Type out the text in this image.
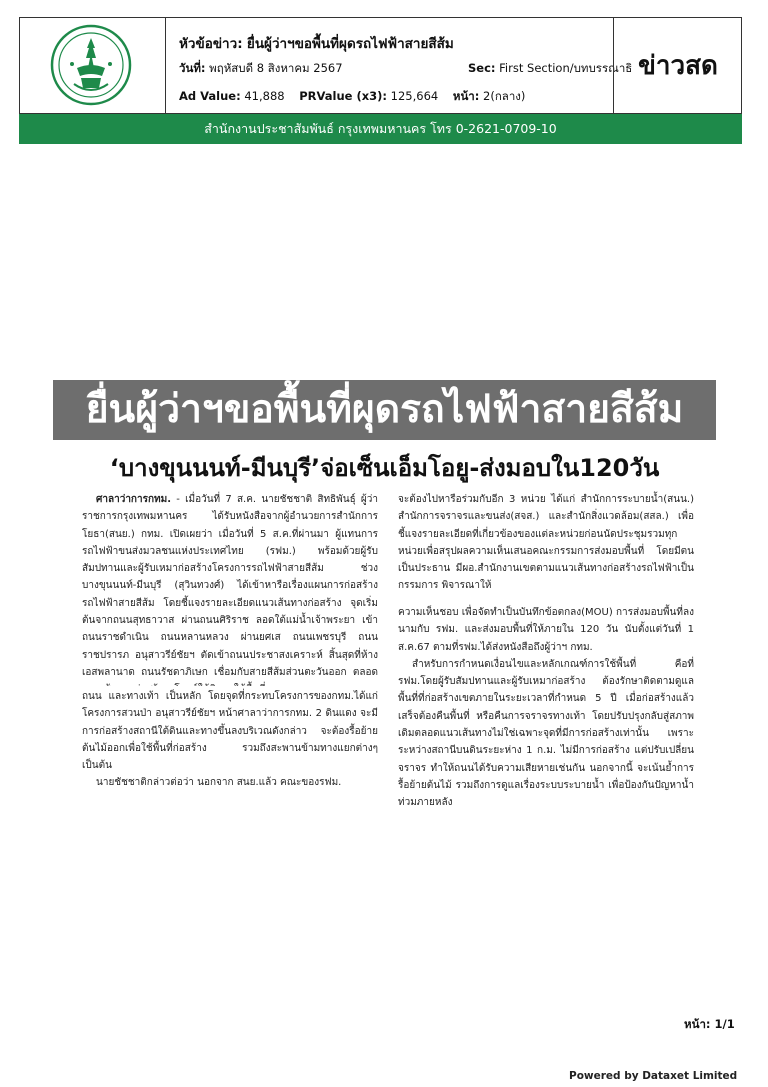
หัวข้อข่าว: ยื่นผู้ว่าฯขอพื้นที่ผุดรถไฟฟ้าสายสีส้ม
วันที่: พฤหัสบดี 8 สิงหาคม 2567	Sec: First Section/บทบรรณาธิ
Ad Value: 41,888 PRValue (x3): 125,664 หน้า: 2(กลาง)
ข่าวสด
สำนักงานประชาสัมพันธ์ กรุงเทพมหานคร โทร 0-2621-0709-10
ยื่นผู้ว่าฯขอพื้นที่ผุดรถไฟฟ้าสายสีส้ม
‘บางขุนนนท์-มีนบุรี’จ่อเซ็นเอ็มโอยู-ส่งมอบใน120วัน

ศาลาว่าการกทม. - เมื่อวันที่ 7 ส.ค. นายชัชชาติ สิทธิพันธุ์ ผู้ว่าราชการกรุงเทพมหานคร ได้รับหนังสือจากผู้อำนวยการสำนักการโยธา(สนย.) กทม. เปิดเผยว่า เมื่อวันที่ 5 ส.ค.ที่ผ่านมา ผู้แทนการรถไฟฟ้าขนส่งมวลชนแห่งประเทศไทย (รฟม.) พร้อมด้วยผู้รับสัมปทานและผู้รับเหมาก่อสร้างโครงการรถไฟฟ้าสายสีส้ม ช่วงบางขุนนนท์-มีนบุรี (สุวินทวงศ์) ได้เข้าหารือเรื่องแผนการก่อสร้างรถไฟฟ้าสายสีส้ม โดยชี้แจงรายละเอียดแนวเส้นทางก่อสร้าง จุดเริ่มต้นจากถนนสุทธาวาส ผ่านถนนศิริราช ลอดใต้แม่น้ำเจ้าพระยา เข้าถนนราชดำเนิน ถนนหลานหลวง ผ่านยศเส ถนนเพชรบุรี ถนนราชปรารภ อนุสาวรีย์ชัยฯ ตัดเข้าถนนประชาสงเคราะห์ สิ้นสุดที่ห้างเอสพลานาด ถนนรัชดาภิเษก เชื่อมกับสายสีส้มส่วนตะวันออก ตลอด

ถนน และทางเท้า เป็นหลัก โดยจุดที่กระทบโครงการของกทม.ได้แก่ โครงการสวนป่า อนุสาวรีย์ชัยฯ หน้าศาลาว่าการกทม. 2 ดินแดง จะมีการก่อสร้างสถานีใต้ดินและทางขึ้นลงบริเวณดังกล่าว จะต้องรื้อย้ายต้นไม้ออกเพื่อใช้พื้นที่ก่อสร้าง รวมถึงสะพานข้ามทางแยกต่างๆ เป็นต้น

นายชัชชาติกล่าวต่อว่า นอกจาก สนย.แล้ว คณะของรฟม.

จะต้องไปหารือร่วมกับอีก 3 หน่วย ได้แก่ สำนักการระบายน้ำ(สนน.) สำนักการจราจรและขนส่ง(สจส.) และสำนักสิ่งแวดล้อม(สสล.) เพื่อชี้แจงรายละเอียดที่เกี่ยวข้องของแต่ละหน่วยก่อนนัดประชุมรวมทุกหน่วยเพื่อสรุปผลความเห็นเสนอคณะกรรมการส่งมอบพื้นที่ โดยมีตนเป็นประธาน มีผอ.สำนักงานเขตตามแนวเส้นทางก่อสร้างรถไฟฟ้าเป็นกรรมการ พิจารณาให้

ความเห็นชอบ เพื่อจัดทำเป็นบันทึกข้อตกลง(MOU) การส่งมอบพื้นที่ลงนามกับ รฟม. และส่งมอบพื้นที่ให้ภายใน 120 วัน นับตั้งแต่วันที่ 1 ส.ค.67 ตามที่รฟม.ได้ส่งหนังสือถึงผู้ว่าฯ กทม.

สำหรับการกำหนดเงื่อนไขและหลักเกณฑ์การใช้พื้นที่ คือที่ รฟม.โดยผู้รับสัมปทานและผู้รับเหมาก่อสร้าง ต้องรักษาติดตามดูแลพื้นที่ที่ก่อสร้างเขตภายในระยะเวลาที่กำหนด 5 ปี เมื่อก่อสร้างแล้วเสร็จต้องคืนพื้นที่ หรือคืนการจราจรทางเท้า โดยปรับปรุงกลับสู่สภาพเดิมตลอดแนวเส้นทางไม่ใช่เฉพาะจุดที่มีการก่อสร้างเท่านั้น เพราะระหว่างสถานีบนดินระยะห่าง 1 ก.ม. ไม่มีการก่อสร้าง แต่ปรับเปลี่ยนจราจร ทำให้ถนนได้รับความเสียหายเช่นกัน นอกจากนี้ จะเน้นย้ำการรื้อย้ายต้นไม้ รวมถึงการดูแลเรื่องระบบระบายน้ำ เพื่อป้องกันปัญหาน้ำท่วมภายหลัง

หน้า: 1/1
Powered by Dataxet Limited
